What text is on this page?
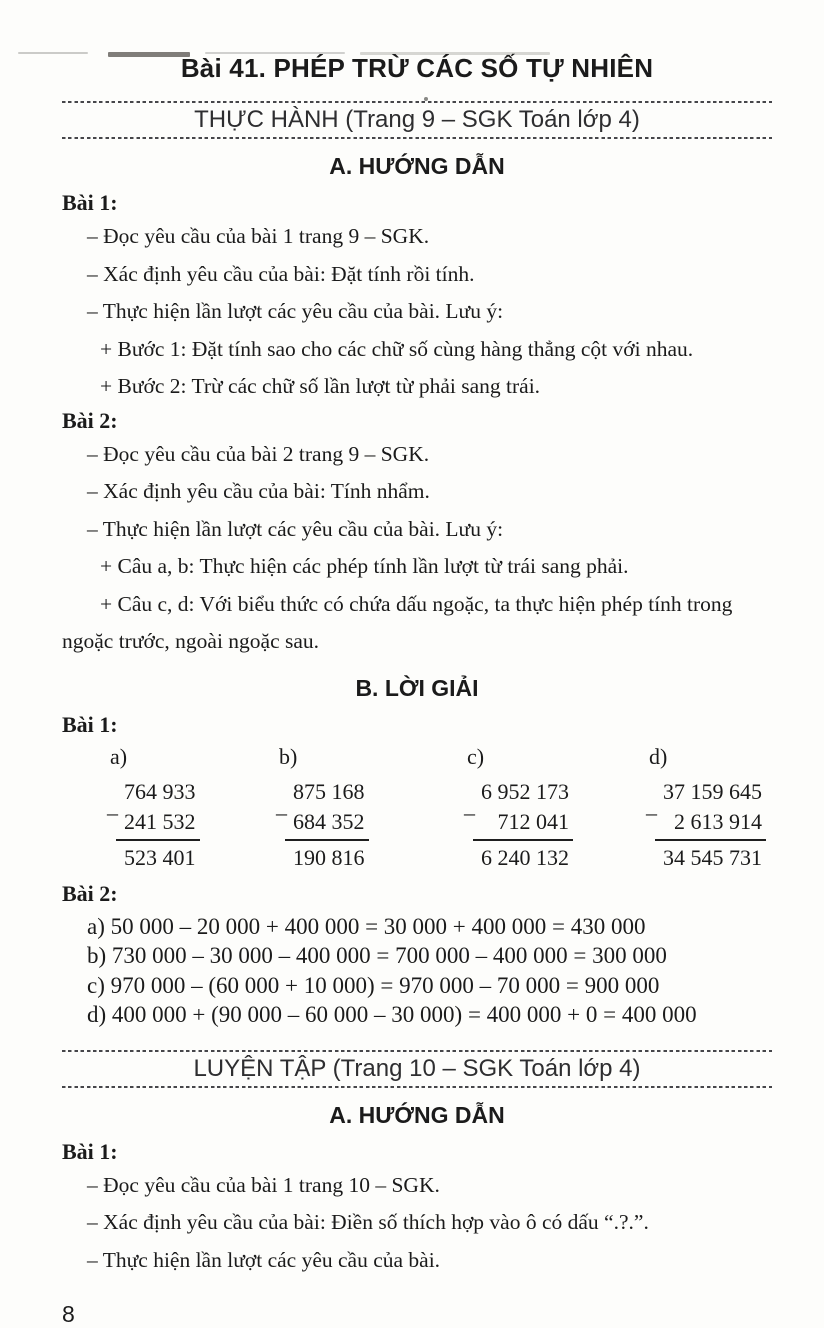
Bài 41. PHÉP TRỪ CÁC SỐ TỰ NHIÊN
THỰC HÀNH (Trang 9 – SGK Toán lớp 4)
A. HƯỚNG DẪN
Bài 1:

– Đọc yêu cầu của bài 1 trang 9 – SGK.

– Xác định yêu cầu của bài: Đặt tính rồi tính.

– Thực hiện lần lượt các yêu cầu của bài. Lưu ý:

+ Bước 1: Đặt tính sao cho các chữ số cùng hàng thẳng cột với nhau.

+ Bước 2: Trừ các chữ số lần lượt từ phải sang trái.

Bài 2:

– Đọc yêu cầu của bài 2 trang 9 – SGK.

– Xác định yêu cầu của bài: Tính nhẩm.

– Thực hiện lần lượt các yêu cầu của bài. Lưu ý:

+ Câu a, b: Thực hiện các phép tính lần lượt từ trái sang phải.

+ Câu c, d: Với biểu thức có chứa dấu ngoặc, ta thực hiện phép tính trong ngoặc trước, ngoài ngoặc sau.

B. LỜI GIẢI
Bài 1:
a)
–
764 933
241 532
523 401
b)
–
875 168
684 352
190 816
c)
–
6 952 173
712 041
6 240 132
d)
–
37 159 645
2 613 914
34 545 731
Bài 2:

a) 50 000 – 20 000 + 400 000 = 30 000 + 400 000 = 430 000

b) 730 000 – 30 000 – 400 000 = 700 000 – 400 000 = 300 000

c) 970 000 – (60 000 + 10 000) = 970 000 – 70 000 = 900 000

d) 400 000 + (90 000 – 60 000 – 30 000) = 400 000 + 0 = 400 000

LUYỆN TẬP (Trang 10 – SGK Toán lớp 4)
A. HƯỚNG DẪN
Bài 1:

– Đọc yêu cầu của bài 1 trang 10 – SGK.

– Xác định yêu cầu của bài: Điền số thích hợp vào ô có dấu “.?.”.

– Thực hiện lần lượt các yêu cầu của bài.

8
